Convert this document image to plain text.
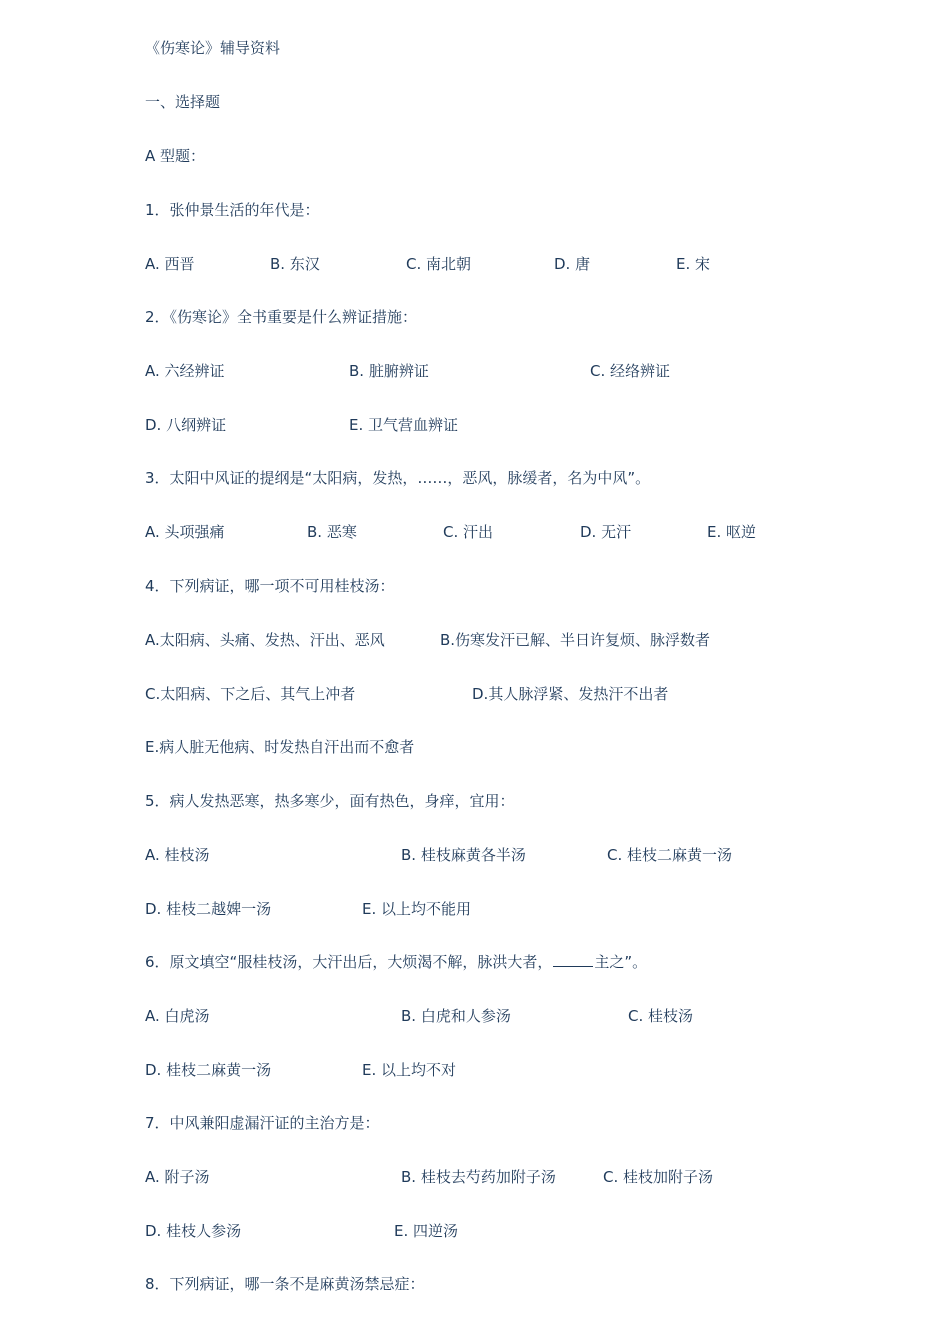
《伤寒论》辅导资料
一、选择题
A 型题：
1．张仲景生活的年代是：
A. 西晋	B. 东汉	C. 南北朝	D. 唐	E. 宋
2．《伤寒论》全书重要是什么辨证措施：
A. 六经辨证	B. 脏腑辨证	C. 经络辨证
D. 八纲辨证	E. 卫气营血辨证
3．太阳中风证的提纲是“太阳病，发热，……，恶风，脉缓者，名为中风”。
A. 头项强痛	B. 恶寒	C. 汗出	D. 无汗	E. 呕逆
4．下列病证，哪一项不可用桂枝汤：
A.太阳病、头痛、发热、汗出、恶风	B.伤寒发汗已解、半日许复烦、脉浮数者
C.太阳病、下之后、其气上冲者	D.其人脉浮紧、发热汗不出者
E.病人脏无他病、时发热自汗出而不愈者
5．病人发热恶寒，热多寒少，面有热色，身痒，宜用：
A. 桂枝汤	B. 桂枝麻黄各半汤	C. 桂枝二麻黄一汤
D. 桂枝二越婢一汤	E. 以上均不能用
6．原文填空“服桂枝汤，大汗出后，大烦渴不解，脉洪大者，	主之”。
A. 白虎汤	B. 白虎和人参汤	C. 桂枝汤
D. 桂枝二麻黄一汤	E. 以上均不对
7．中风兼阳虚漏汗证的主治方是：
A. 附子汤	B. 桂枝去芍药加附子汤	C. 桂枝加附子汤
D. 桂枝人参汤	E. 四逆汤
8．下列病证，哪一条不是麻黄汤禁忌症：
